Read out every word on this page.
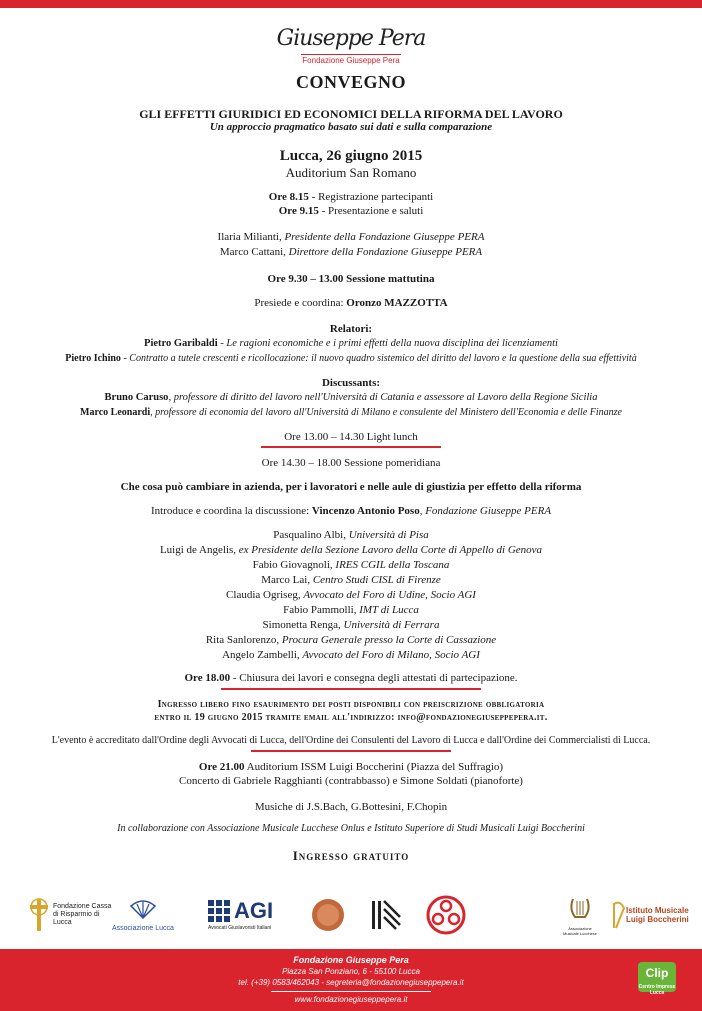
Giuseppe Pera
Fondazione Giuseppe Pera
CONVEGNO
GLI EFFETTI GIURIDICI ED ECONOMICI DELLA RIFORMA DEL LAVORO
Un approccio pragmatico basato sui dati e sulla comparazione
Lucca, 26 giugno 2015
Auditorium San Romano
Ore 8.15 - Registrazione partecipanti
Ore 9.15 - Presentazione e saluti
Ilaria Milianti, Presidente della Fondazione Giuseppe PERA
Marco Cattani, Direttore della Fondazione Giuseppe PERA
Ore 9.30 – 13.00 Sessione mattutina
Presiede e coordina: Oronzo MAZZOTTA
Relatori:
Pietro Garibaldi - Le ragioni economiche e i primi effetti della nuova disciplina dei licenziamenti
Pietro Ichino - Contratto a tutele crescenti e ricollocazione: il nuovo quadro sistemico del diritto del lavoro e la questione della sua effettività
Discussants:
Bruno Caruso, professore di diritto del lavoro nell'Università di Catania e assessore al Lavoro della Regione Sicilia
Marco Leonardi, professore di economia del lavoro all'Università di Milano e consulente del Ministero dell'Economia e delle Finanze
Ore 13.00 – 14.30 Light lunch
Ore 14.30 – 18.00 Sessione pomeridiana
Che cosa può cambiare in azienda, per i lavoratori e nelle aule di giustizia per effetto della riforma
Introduce e coordina la discussione: Vincenzo Antonio Poso, Fondazione Giuseppe PERA
Pasqualino Albi, Università di Pisa
Luigi de Angelis, ex Presidente della Sezione Lavoro della Corte di Appello di Genova
Fabio Giovagnoli, IRES CGIL della Toscana
Marco Lai, Centro Studi CISL di Firenze
Claudia Ogriseg, Avvocato del Foro di Udine, Socio AGI
Fabio Pammolli, IMT di Lucca
Simonetta Renga, Università di Ferrara
Rita Sanlorenzo, Procura Generale presso la Corte di Cassazione
Angelo Zambelli, Avvocato del Foro di Milano, Socio AGI
Ore 18.00 - Chiusura dei lavori e consegna degli attestati di partecipazione.
Ingresso libero fino esaurimento dei posti disponibili con preiscrizione obbligatoria
entro il 19 giugno 2015 tramite email all'indirizzo: info@fondazionegiuseppepera.it.
L'evento è accreditato dall'Ordine degli Avvocati di Lucca, dell'Ordine dei Consulenti del Lavoro di Lucca e dall'Ordine dei Commercialisti di Lucca.
Ore 21.00 Auditorium ISSM Luigi Boccherini (Piazza del Suffragio)
Concerto di Gabriele Ragghianti (contrabbasso) e Simone Soldati (pianoforte)
Musiche di J.S.Bach, G.Bottesini, F.Chopin
In collaborazione con Associazione Musicale Lucchese Onlus e Istituto Superiore di Studi Musicali Luigi Boccherini
Ingresso gratuito
Fondazione Cassa di Risparmio di Lucca
Associazione Lucca
AGI
Avvocati Giuslavoristi Italiani	Associazione Musicale Lucchese
Istituto Musicale Luigi Boccherini
Fondazione Giuseppe Pera
Piazza San Ponziano, 6 - 55100 Lucca
tel. (+39) 0583/462043 - segreteria@fondazionegiuseppepera.it
www.fondazionegiuseppepera.it
Clip
Centro Imprese Lucca
